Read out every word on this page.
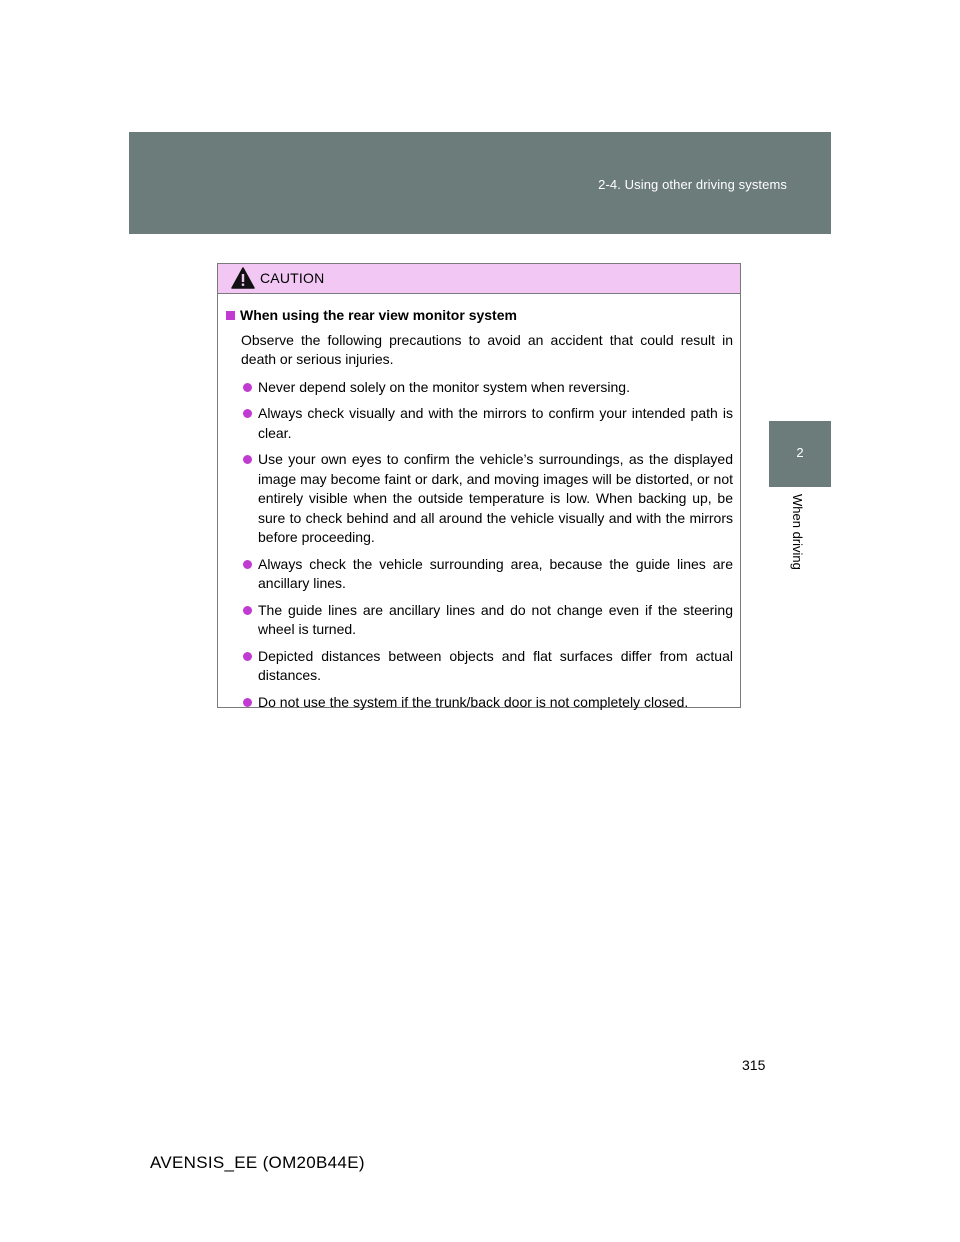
2-4. Using other driving systems
2
When driving
CAUTION
When using the rear view monitor system

Observe the following precautions to avoid an accident that could result in death or serious injuries.

Never depend solely on the monitor system when reversing.
Always check visually and with the mirrors to confirm your intended path is clear.
Use your own eyes to confirm the vehicle’s surroundings, as the displayed image may become faint or dark, and moving images will be distorted, or not entirely visible when the outside temperature is low. When backing up, be sure to check behind and all around the vehicle visually and with the mirrors before proceeding.
Always check the vehicle surrounding area, because the guide lines are ancillary lines.
The guide lines are ancillary lines and do not change even if the steering wheel is turned.
Depicted distances between objects and flat surfaces differ from actual distances.
Do not use the system if the trunk/back door is not completely closed.
315
AVENSIS_EE (OM20B44E)
